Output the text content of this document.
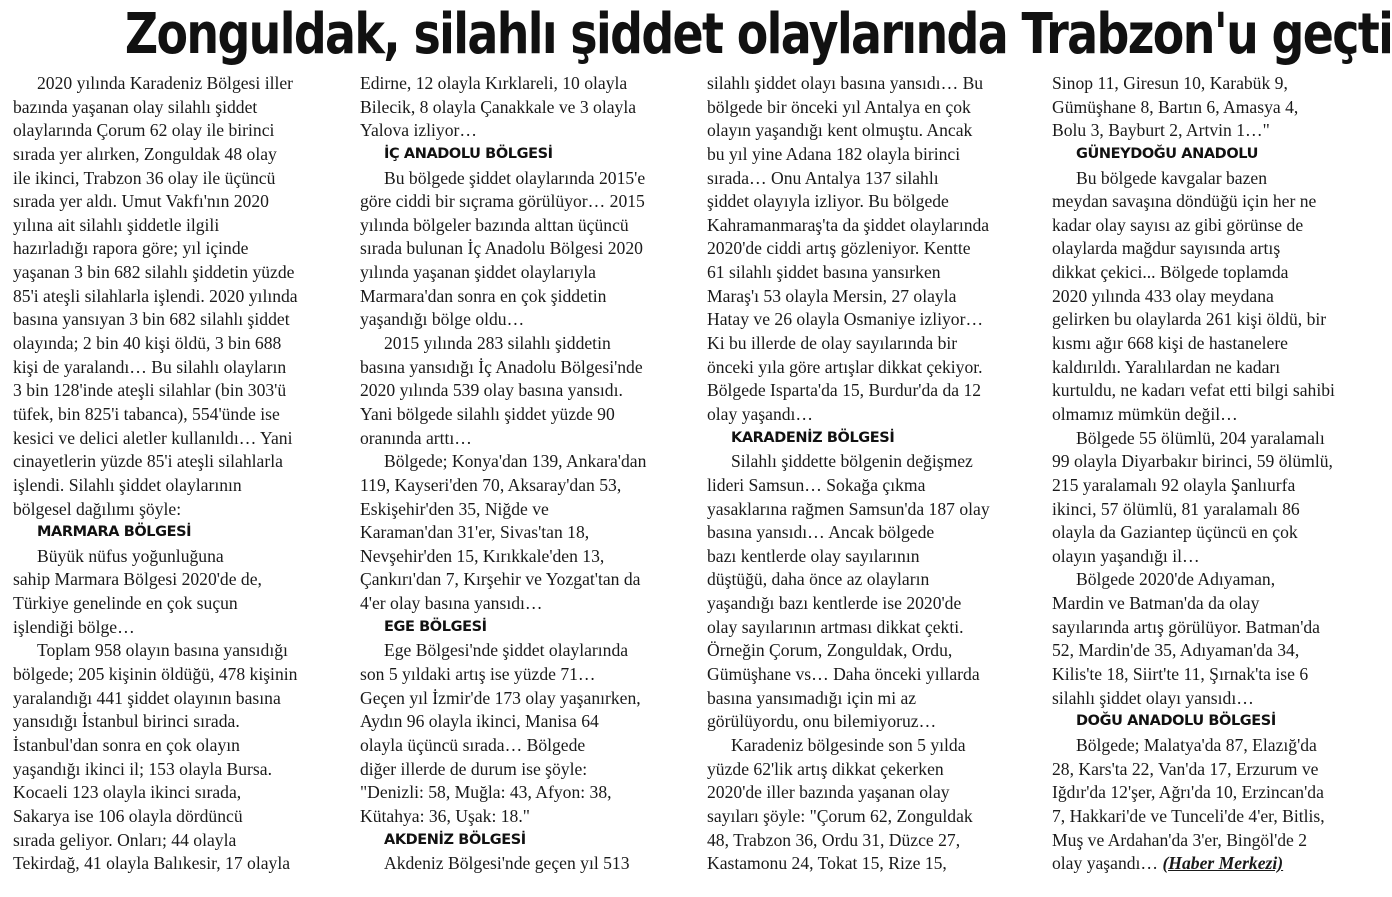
Zonguldak, silahlı şiddet olaylarında Trabzon'u geçti
2020 yılında Karadeniz Bölgesi iller
bazında yaşanan olay silahlı şiddet
olaylarında Çorum 62 olay ile birinci
sırada yer alırken, Zonguldak 48 olay
ile ikinci, Trabzon 36 olay ile üçüncü
sırada yer aldı. Umut Vakfı'nın 2020
yılına ait silahlı şiddetle ilgili
hazırladığı rapora göre; yıl içinde
yaşanan 3 bin 682 silahlı şiddetin yüzde
85'i ateşli silahlarla işlendi. 2020 yılında
basına yansıyan 3 bin 682 silahlı şiddet
olayında; 2 bin 40 kişi öldü, 3 bin 688
kişi de yaralandı… Bu silahlı olayların
3 bin 128'inde ateşli silahlar (bin 303'ü
tüfek, bin 825'i tabanca), 554'ünde ise
kesici ve delici aletler kullanıldı… Yani
cinayetlerin yüzde 85'i ateşli silahlarla
işlendi. Silahlı şiddet olaylarının
bölgesel dağılımı şöyle:
MARMARA BÖLGESİ
Büyük nüfus yoğunluğuna
sahip Marmara Bölgesi 2020'de de,
Türkiye genelinde en çok suçun
işlendiği bölge…
Toplam 958 olayın basına yansıdığı
bölgede; 205 kişinin öldüğü, 478 kişinin
yaralandığı 441 şiddet olayının basına
yansıdığı İstanbul birinci sırada.
İstanbul'dan sonra en çok olayın
yaşandığı ikinci il; 153 olayla Bursa.
Kocaeli 123 olayla ikinci sırada,
Sakarya ise 106 olayla dördüncü
sırada geliyor. Onları; 44 olayla
Tekirdağ, 41 olayla Balıkesir, 17 olayla
Edirne, 12 olayla Kırklareli, 10 olayla
Bilecik, 8 olayla Çanakkale ve 3 olayla
Yalova izliyor…
İÇ ANADOLU BÖLGESİ
Bu bölgede şiddet olaylarında 2015'e
göre ciddi bir sıçrama görülüyor… 2015
yılında bölgeler bazında alttan üçüncü
sırada bulunan İç Anadolu Bölgesi 2020
yılında yaşanan şiddet olaylarıyla
Marmara'dan sonra en çok şiddetin
yaşandığı bölge oldu…
2015 yılında 283 silahlı şiddetin
basına yansıdığı İç Anadolu Bölgesi'nde
2020 yılında 539 olay basına yansıdı.
Yani bölgede silahlı şiddet yüzde 90
oranında arttı…
Bölgede; Konya'dan 139, Ankara'dan
119, Kayseri'den 70, Aksaray'dan 53,
Eskişehir'den 35, Niğde ve
Karaman'dan 31'er, Sivas'tan 18,
Nevşehir'den 15, Kırıkkale'den 13,
Çankırı'dan 7, Kırşehir ve Yozgat'tan da
4'er olay basına yansıdı…
EGE BÖLGESİ
Ege Bölgesi'nde şiddet olaylarında
son 5 yıldaki artış ise yüzde 71…
Geçen yıl İzmir'de 173 olay yaşanırken,
Aydın 96 olayla ikinci, Manisa 64
olayla üçüncü sırada… Bölgede
diğer illerde de durum ise şöyle:
"Denizli: 58, Muğla: 43, Afyon: 38,
Kütahya: 36, Uşak: 18."
AKDENİZ BÖLGESİ
Akdeniz Bölgesi'nde geçen yıl 513
silahlı şiddet olayı basına yansıdı… Bu
bölgede bir önceki yıl Antalya en çok
olayın yaşandığı kent olmuştu. Ancak
bu yıl yine Adana 182 olayla birinci
sırada… Onu Antalya 137 silahlı
şiddet olayıyla izliyor. Bu bölgede
Kahramanmaraş'ta da şiddet olaylarında
2020'de ciddi artış gözleniyor. Kentte
61 silahlı şiddet basına yansırken
Maraş'ı 53 olayla Mersin, 27 olayla
Hatay ve 26 olayla Osmaniye izliyor…
Ki bu illerde de olay sayılarında bir
önceki yıla göre artışlar dikkat çekiyor.
Bölgede Isparta'da 15, Burdur'da da 12
olay yaşandı…
KARADENİZ BÖLGESİ
Silahlı şiddette bölgenin değişmez
lideri Samsun… Sokağa çıkma
yasaklarına rağmen Samsun'da 187 olay
basına yansıdı… Ancak bölgede
bazı kentlerde olay sayılarının
düştüğü, daha önce az olayların
yaşandığı bazı kentlerde ise 2020'de
olay sayılarının artması dikkat çekti.
Örneğin Çorum, Zonguldak, Ordu,
Gümüşhane vs… Daha önceki yıllarda
basına yansımadığı için mi az
görülüyordu, onu bilemiyoruz…
Karadeniz bölgesinde son 5 yılda
yüzde 62'lik artış dikkat çekerken
2020'de iller bazında yaşanan olay
sayıları şöyle: "Çorum 62, Zonguldak
48, Trabzon 36, Ordu 31, Düzce 27,
Kastamonu 24, Tokat 15, Rize 15,
Sinop 11, Giresun 10, Karabük 9,
Gümüşhane 8, Bartın 6, Amasya 4,
Bolu 3, Bayburt 2, Artvin 1…"
GÜNEYDOĞU ANADOLU
Bu bölgede kavgalar bazen
meydan savaşına döndüğü için her ne
kadar olay sayısı az gibi görünse de
olaylarda mağdur sayısında artış
dikkat çekici... Bölgede toplamda
2020 yılında 433 olay meydana
gelirken bu olaylarda 261 kişi öldü, bir
kısmı ağır 668 kişi de hastanelere
kaldırıldı. Yaralılardan ne kadarı
kurtuldu, ne kadarı vefat etti bilgi sahibi
olmamız mümkün değil…
Bölgede 55 ölümlü, 204 yaralamalı
99 olayla Diyarbakır birinci, 59 ölümlü,
215 yaralamalı 92 olayla Şanlıurfa
ikinci, 57 ölümlü, 81 yaralamalı 86
olayla da Gaziantep üçüncü en çok
olayın yaşandığı il…
Bölgede 2020'de Adıyaman,
Mardin ve Batman'da da olay
sayılarında artış görülüyor. Batman'da
52, Mardin'de 35, Adıyaman'da 34,
Kilis'te 18, Siirt'te 11, Şırnak'ta ise 6
silahlı şiddet olayı yansıdı…
DOĞU ANADOLU BÖLGESİ
Bölgede; Malatya'da 87, Elazığ'da
28, Kars'ta 22, Van'da 17, Erzurum ve
Iğdır'da 12'şer, Ağrı'da 10, Erzincan'da
7, Hakkari'de ve Tunceli'de 4'er, Bitlis,
Muş ve Ardahan'da 3'er, Bingöl'de 2
olay yaşandı… (Haber Merkezi)
